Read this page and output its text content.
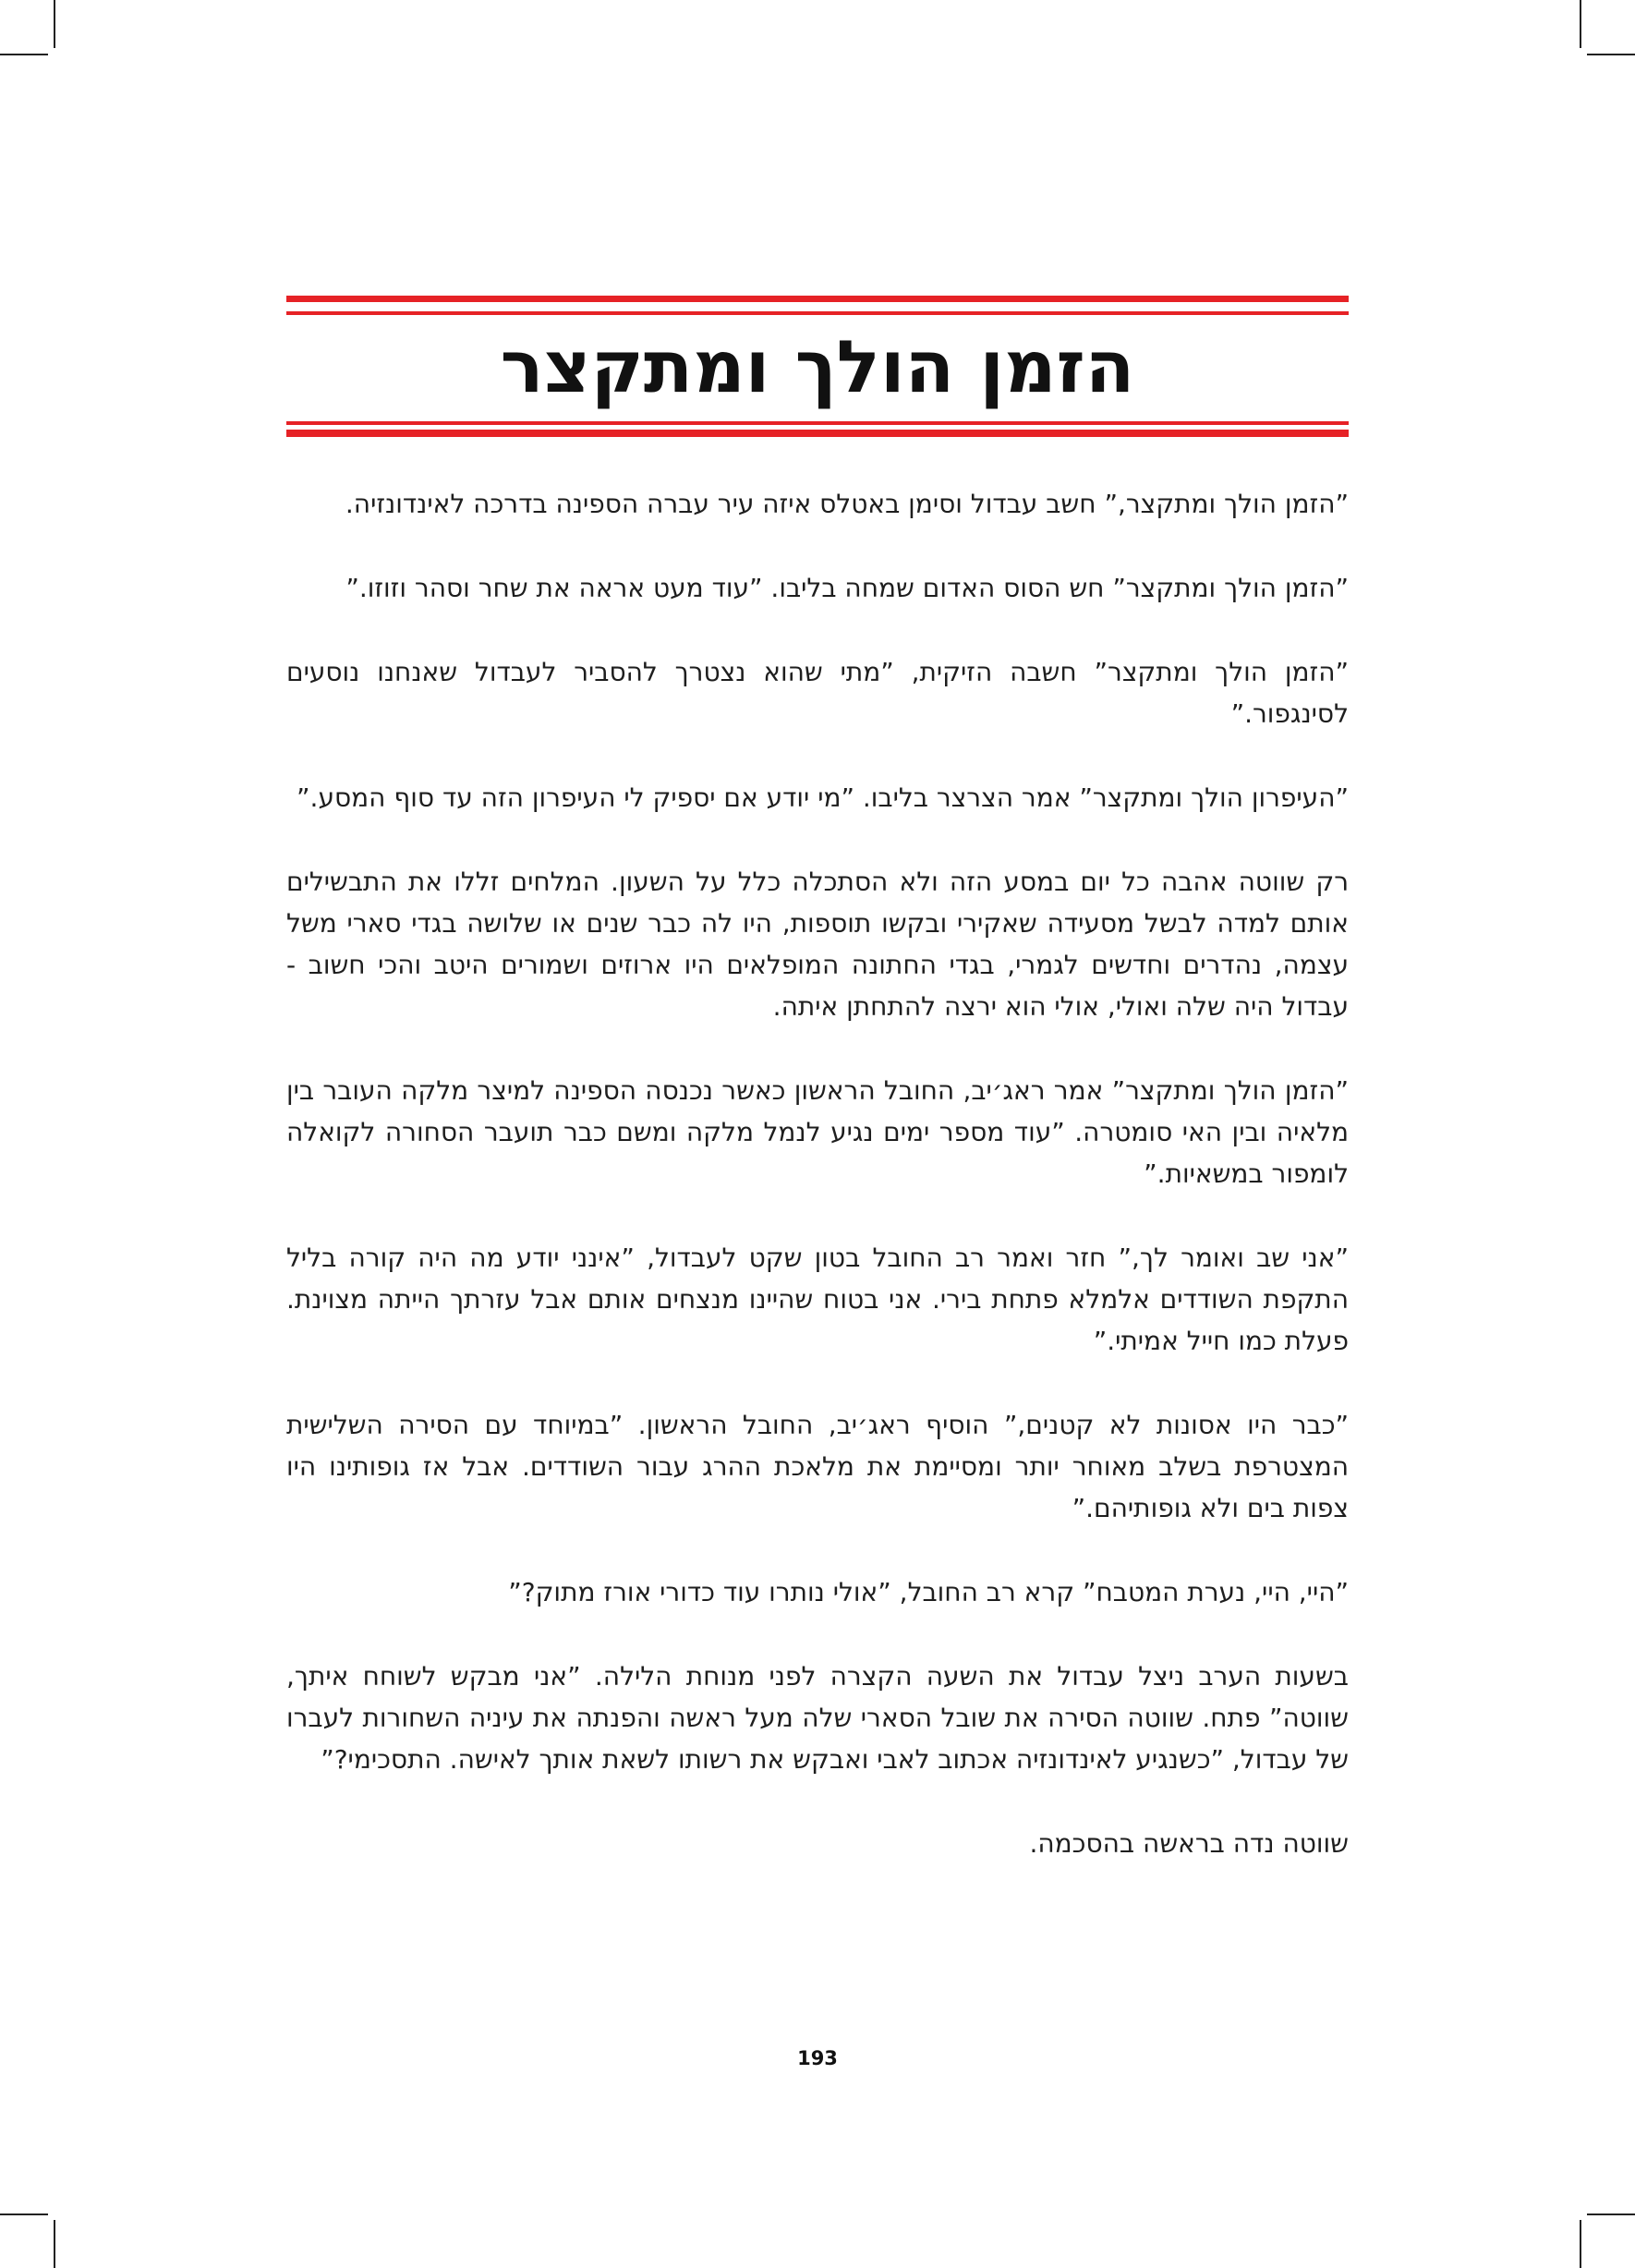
הזמן הולך ומתקצר

”הזמן הולך ומתקצר,” חשב עבדול וסימן באטלס איזה עיר עברה הספינה בדרכה לאינדונזיה.

”הזמן הולך ומתקצר” חש הסוס האדום שמחה בליבו. ”עוד מעט אראה את שחר וסהר וזוזו.”

”הזמן הולך ומתקצר” חשבה הזיקית, ”מתי שהוא נצטרך להסביר לעבדול שאנחנו נוסעים לסינגפור.”

”העיפרון הולך ומתקצר” אמר הצרצר בליבו. ”מי יודע אם יספיק לי העיפרון הזה עד סוף המסע.”

רק שווטה אהבה כל יום במסע הזה ולא הסתכלה כלל על השעון. המלחים זללו את התבשילים אותם למדה לבשל מסעידה שאקירי ובקשו תוספות, היו לה כבר שנים או שלושה בגדי סארי משל עצמה, נהדרים וחדשים לגמרי, בגדי החתונה המופלאים היו ארוזים ושמורים היטב והכי חשוב - עבדול היה שלה ואולי, אולי הוא ירצה להתחתן איתה.

”הזמן הולך ומתקצר” אמר ראג׳יב, החובל הראשון כאשר נכנסה הספינה למיצר מלקה העובר בין מלאיה ובין האי סומטרה. ”עוד מספר ימים נגיע לנמל מלקה ומשם כבר תועבר הסחורה לקואלה לומפור במשאיות.”

”אני שב ואומר לך,” חזר ואמר רב החובל בטון שקט לעבדול, ”אינני יודע מה היה קורה בליל התקפת השודדים אלמלא פתחת בירי. אני בטוח שהיינו מנצחים אותם אבל עזרתך הייתה מצוינת. פעלת כמו חייל אמיתי.”

”כבר היו אסונות לא קטנים,” הוסיף ראג׳יב, החובל הראשון. ”במיוחד עם הסירה השלישית המצטרפת בשלב מאוחר יותר ומסיימת את מלאכת ההרג עבור השודדים. אבל אז גופותינו היו צפות בים ולא גופותיהם.”

”היי, היי, נערת המטבח” קרא רב החובל, ”אולי נותרו עוד כדורי אורז מתוק?”

בשעות הערב ניצל עבדול את השעה הקצרה לפני מנוחת הלילה. ”אני מבקש לשוחח איתך, שווטה” פתח. שווטה הסירה את שובל הסארי שלה מעל ראשה והפנתה את עיניה השחורות לעברו של עבדול, ”כשנגיע לאינדונזיה אכתוב לאבי ואבקש את רשותו לשאת אותך לאישה. התסכימי?”

שווטה נדה בראשה בהסכמה.

193
